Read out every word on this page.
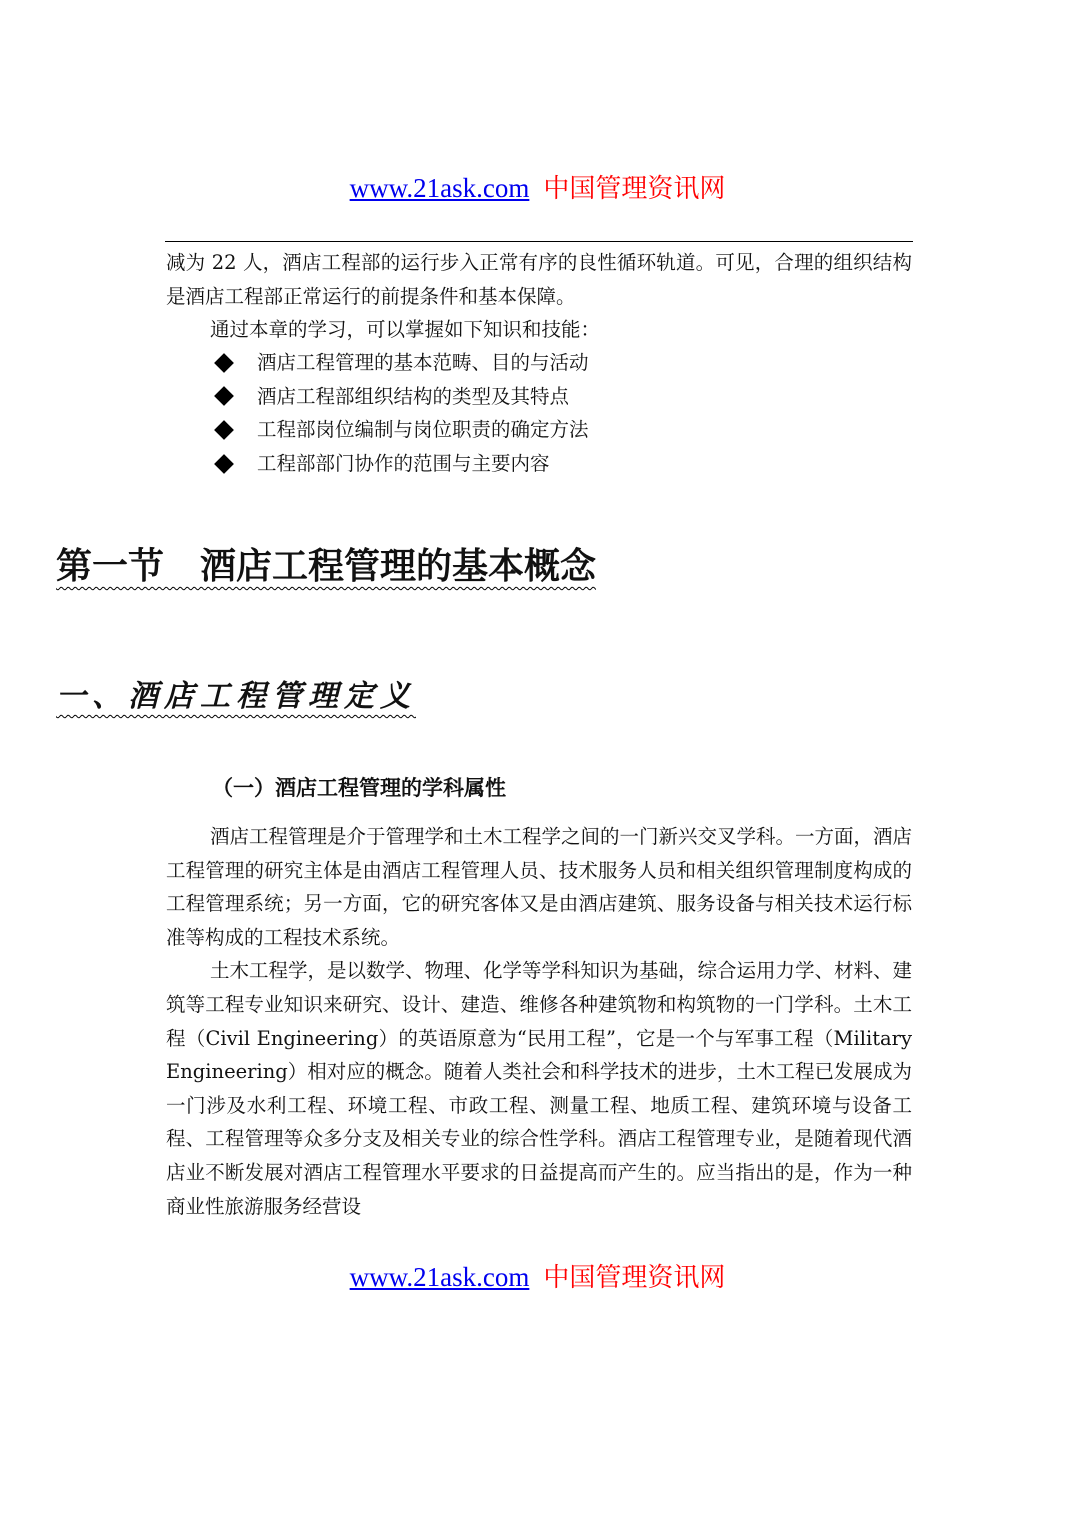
www.21ask.com 中国管理资讯网

减为 22 人，酒店工程部的运行步入正常有序的良性循环轨道。可见，合理的组织结构是酒店工程部正常运行的前提条件和基本保障。

通过本章的学习，可以掌握如下知识和技能：

酒店工程管理的基本范畴、目的与活动
酒店工程部组织结构的类型及其特点
工程部岗位编制与岗位职责的确定方法
工程部部门协作的范围与主要内容
第一节　酒店工程管理的基本概念
一、酒店工程管理定义
（一）酒店工程管理的学科属性

酒店工程管理是介于管理学和土木工程学之间的一门新兴交叉学科。一方面，酒店工程管理的研究主体是由酒店工程管理人员、技术服务人员和相关组织管理制度构成的工程管理系统；另一方面，它的研究客体又是由酒店建筑、服务设备与相关技术运行标准等构成的工程技术系统。

土木工程学，是以数学、物理、化学等学科知识为基础，综合运用力学、材料、建筑等工程专业知识来研究、设计、建造、维修各种建筑物和构筑物的一门学科。土木工程（Civil Engineering）的英语原意为“民用工程”，它是一个与军事工程（Military Engineering）相对应的概念。随着人类社会和科学技术的进步，土木工程已发展成为一门涉及水利工程、环境工程、市政工程、测量工程、地质工程、建筑环境与设备工程、工程管理等众多分支及相关专业的综合性学科。酒店工程管理专业，是随着现代酒店业不断发展对酒店工程管理水平要求的日益提高而产生的。应当指出的是，作为一种商业性旅游服务经营设

www.21ask.com 中国管理资讯网
